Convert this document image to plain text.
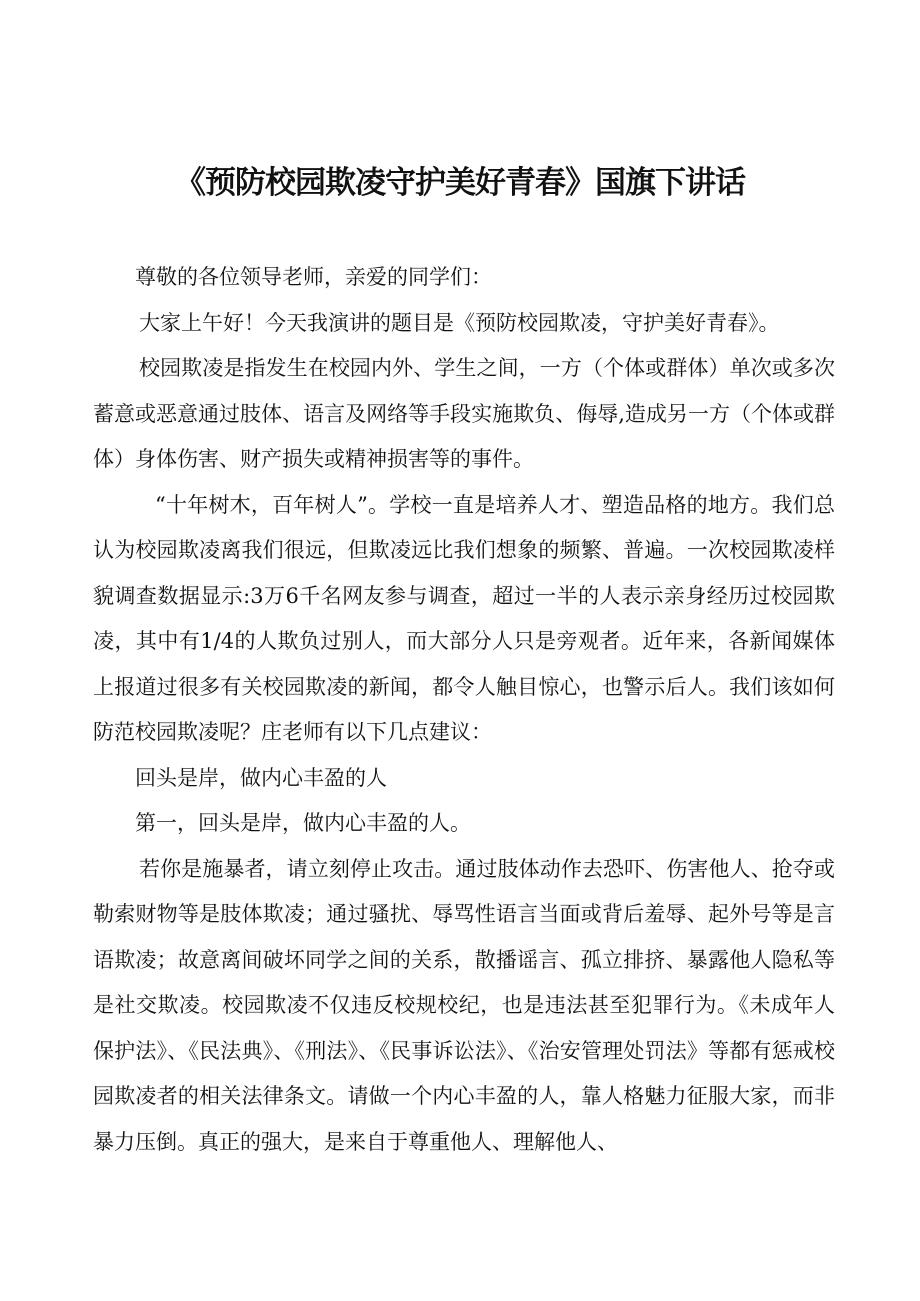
《预防校园欺凌守护美好青春》国旗下讲话

尊敬的各位领导老师，亲爱的同学们：

大家上午好！今天我演讲的题目是《预防校园欺凌，守护美好青春》。

校园欺凌是指发生在校园内外、学生之间，一方（个体或群体）单次或多次蓄意或恶意通过肢体、语言及网络等手段实施欺负、侮辱,造成另一方（个体或群体）身体伤害、财产损失或精神损害等的事件。

“十年树木，百年树人”。学校一直是培养人才、塑造品格的地方。我们总认为校园欺凌离我们很远，但欺凌远比我们想象的频繁、普遍。一次校园欺凌样貌调查数据显示:3万6千名网友参与调查，超过一半的人表示亲身经历过校园欺凌，其中有1/4的人欺负过别人，而大部分人只是旁观者。近年来，各新闻媒体上报道过很多有关校园欺凌的新闻，都令人触目惊心，也警示后人。我们该如何防范校园欺凌呢？庄老师有以下几点建议：

回头是岸，做内心丰盈的人

第一，回头是岸，做内心丰盈的人。

若你是施暴者，请立刻停止攻击。通过肢体动作去恐吓、伤害他人、抢夺或勒索财物等是肢体欺凌；通过骚扰、辱骂性语言当面或背后羞辱、起外号等是言语欺凌；故意离间破坏同学之间的关系，散播谣言、孤立排挤、暴露他人隐私等是社交欺凌。校园欺凌不仅违反校规校纪，也是违法甚至犯罪行为。《未成年人保护法》、《民法典》、《刑法》、《民事诉讼法》、《治安管理处罚法》等都有惩戒校园欺凌者的相关法律条文。请做一个内心丰盈的人，靠人格魅力征服大家，而非暴力压倒。真正的强大，是来自于尊重他人、理解他人、
